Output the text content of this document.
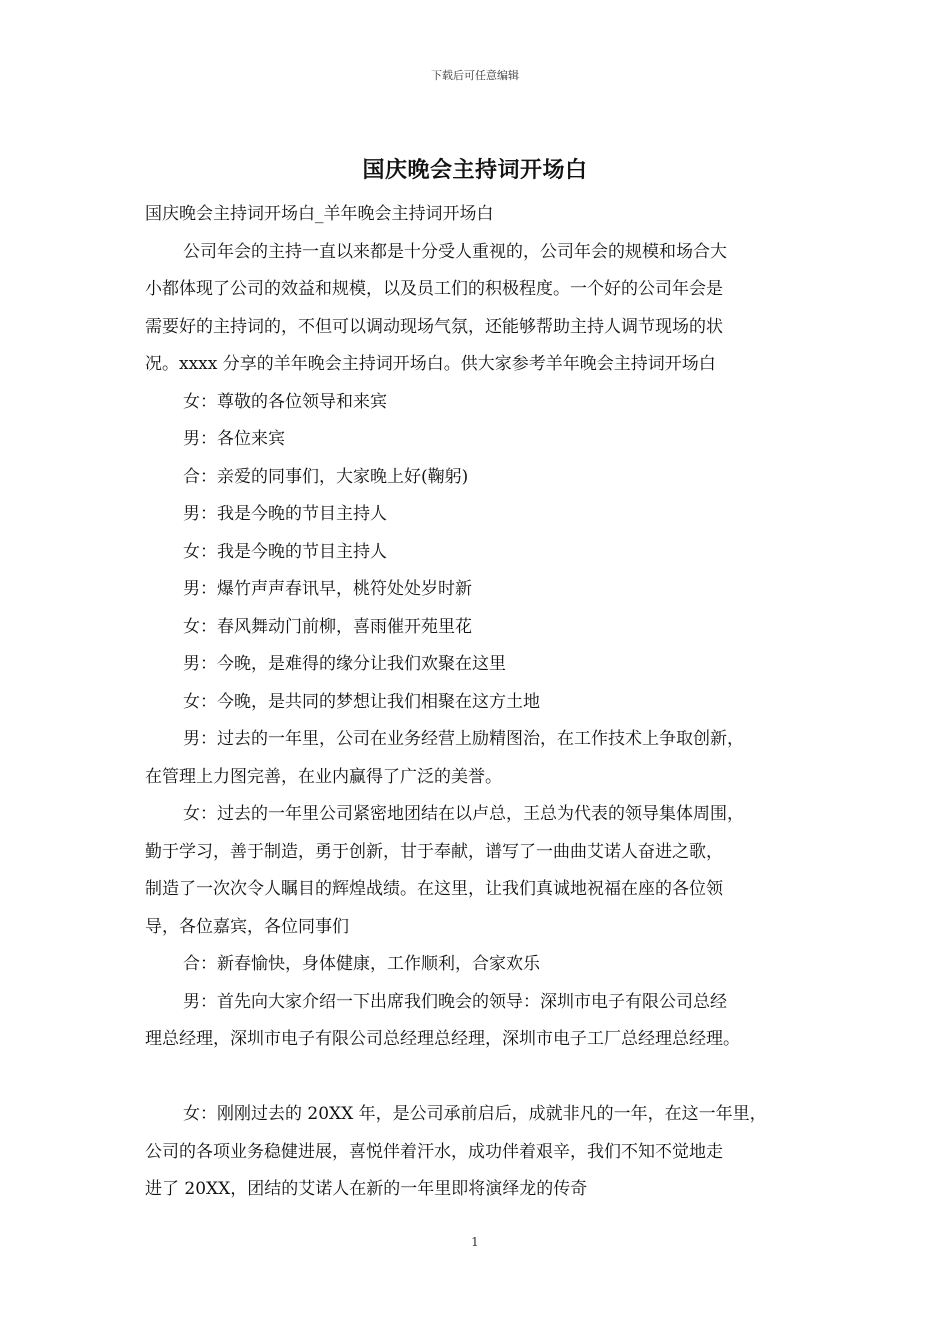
下载后可任意编辑
国庆晚会主持词开场白

国庆晚会主持词开场白_羊年晚会主持词开场白

公司年会的主持一直以来都是十分受人重视的，公司年会的规模和场合大

小都体现了公司的效益和规模，以及员工们的积极程度。一个好的公司年会是

需要好的主持词的，不但可以调动现场气氛，还能够帮助主持人调节现场的状

况。xxxx 分享的羊年晚会主持词开场白。供大家参考羊年晚会主持词开场白

女：尊敬的各位领导和来宾

男：各位来宾

合：亲爱的同事们，大家晚上好(鞠躬)

男：我是今晚的节目主持人

女：我是今晚的节目主持人

男：爆竹声声春讯早，桃符处处岁时新

女：春风舞动门前柳，喜雨催开苑里花

男：今晚，是难得的缘分让我们欢聚在这里

女：今晚，是共同的梦想让我们相聚在这方土地

男：过去的一年里，公司在业务经营上励精图治，在工作技术上争取创新，

在管理上力图完善，在业内赢得了广泛的美誉。

女：过去的一年里公司紧密地团结在以卢总，王总为代表的领导集体周围，

勤于学习，善于制造，勇于创新，甘于奉献，谱写了一曲曲艾诺人奋进之歌，

制造了一次次令人瞩目的辉煌战绩。在这里，让我们真诚地祝福在座的各位领

导，各位嘉宾，各位同事们

合：新春愉快，身体健康，工作顺利，合家欢乐

男：首先向大家介绍一下出席我们晚会的领导：深圳市电子有限公司总经

理总经理，深圳市电子有限公司总经理总经理，深圳市电子工厂总经理总经理。

女：刚刚过去的 20XX 年，是公司承前启后，成就非凡的一年，在这一年里，

公司的各项业务稳健进展，喜悦伴着汗水，成功伴着艰辛，我们不知不觉地走

进了 20XX，团结的艾诺人在新的一年里即将演绎龙的传奇

1
